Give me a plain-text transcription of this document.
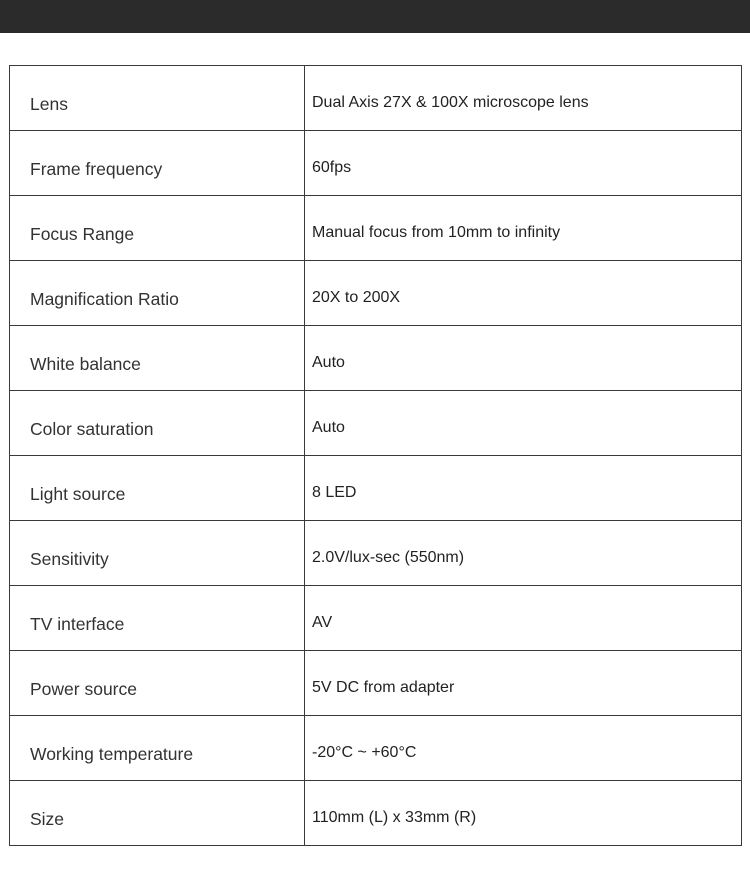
Lens	Dual Axis 27X & 100X microscope lens
Frame frequency	60fps
Focus Range	Manual focus from 10mm to infinity
Magnification Ratio	20X to 200X
White balance	Auto
Color saturation	Auto
Light source	8 LED
Sensitivity	2.0V/lux-sec (550nm)
TV interface	AV
Power source	5V DC from adapter
Working temperature	-20°C ~ +60°C
Size	110mm (L) x 33mm (R)
